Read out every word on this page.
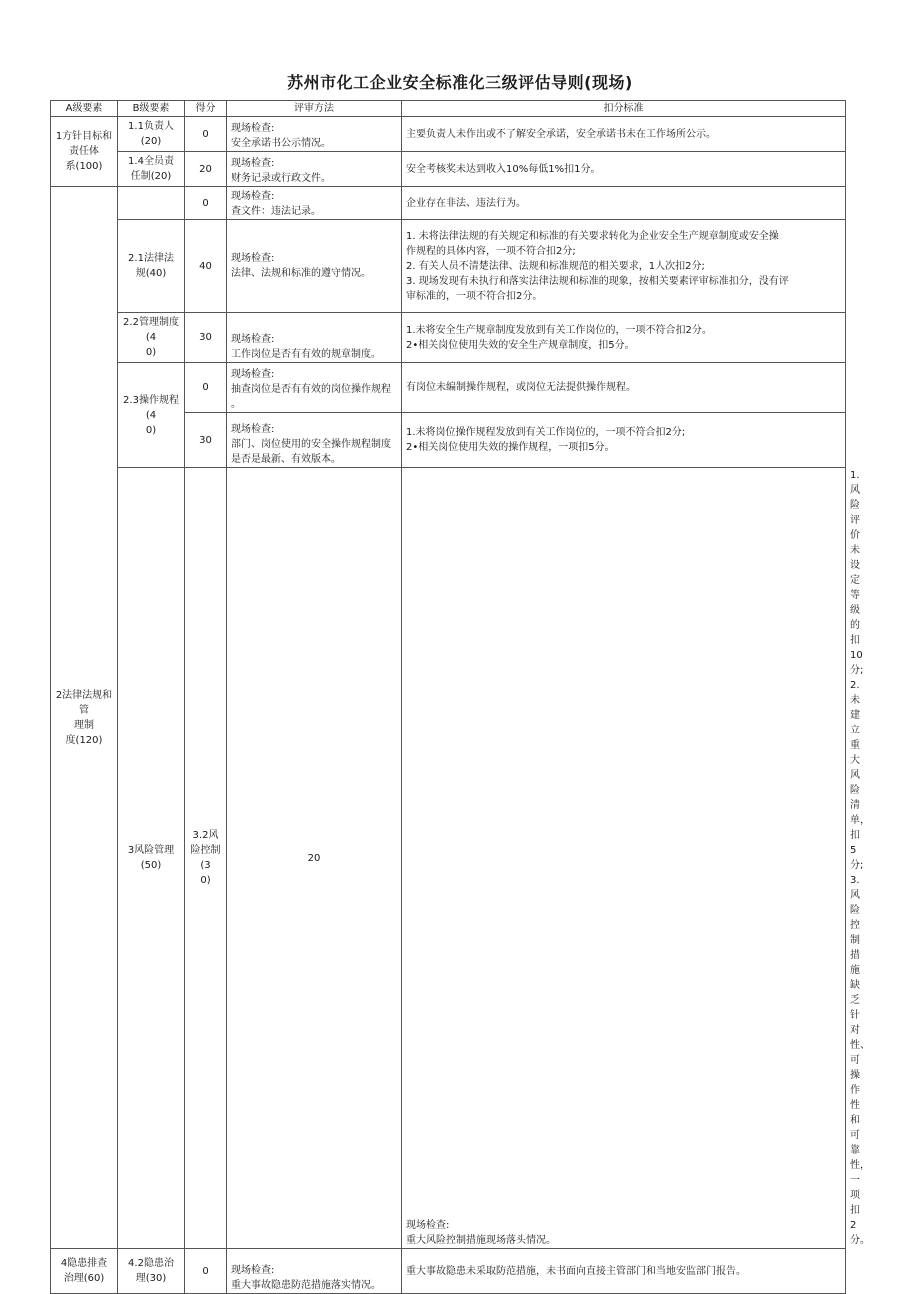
苏州市化工企业安全标准化三级评估导则(现场)
A级要素	B级要素	得分	评审方法	扣分标准	

1方针目标和
责任体
系(100)	1.1负责人
(20)	0	现场检查:
安全承诺书公示情况。	主要负责人未作出或不了解安全承诺，安全承诺书未在工作场所公示。	

	1.4全员责
任制(20)	20	现场检查:
财务记录或行政文件。	安全考核奖未达到收入10%每低1%扣1分。	

2法律法规和管
理制
度(120)		0	现场检查:
查文件：违法记录。	企业存在非法、违法行为。	

	2.1法律法
规(40)	40	现场检查:
法律、法规和标准的遵守情况。	1. 未将法律法规的有关规定和标准的有关要求转化为企业安全生产规章制度或安全操
作规程的具体内容，一项不符合扣2分;
2. 有关人员不清楚法律、法规和标准规范的相关要求，1人次扣2分;
3. 现场发现有未执行和落实法律法规和标准的现象，按相关要素评审标准扣分，没有评
审标准的，一项不符合扣2分。	

	2.2管理制度(4
0)	30	现场检查:
工作岗位是否有有效的规章制度。	1.未将安全生产规章制度发放到有关工作岗位的，一项不符合扣2分。
2•相关岗位使用失效的安全生产规章制度，扣5分。	

	2.3操作规程(4
0)	0	现场检查:
抽查岗位是否有有效的岗位操作规程
。	有岗位未编制操作规程，或岗位无法提供操作规程。	

		30	现场检查:
部门、岗位使用的安全操作规程制度
是否是最新、有效版本。	1.未将岗位操作规程发放到有关工作岗位的，一项不符合扣2分;
2•相关岗位使用失效的操作规程，一项扣5分。	

	3风险管理
(50)	3.2风险控制(3
0)	20	现场检查:
重大风险控制措施现场落头情况。	1. 风险评价未设定等级的扣10分;
2. 未建立重大风险清单，扣5分;
3. 风险控制措施缺乏针对性、可操作性和可靠性，一项扣2分。

4隐患排查
治理(60)	4.2隐患治
理(30)	0	现场检查:
重大事故隐患防范措施落实情况。	重大事故隐患未采取防范措施，未书面向直接主管部门和当地安监部门报告。	
